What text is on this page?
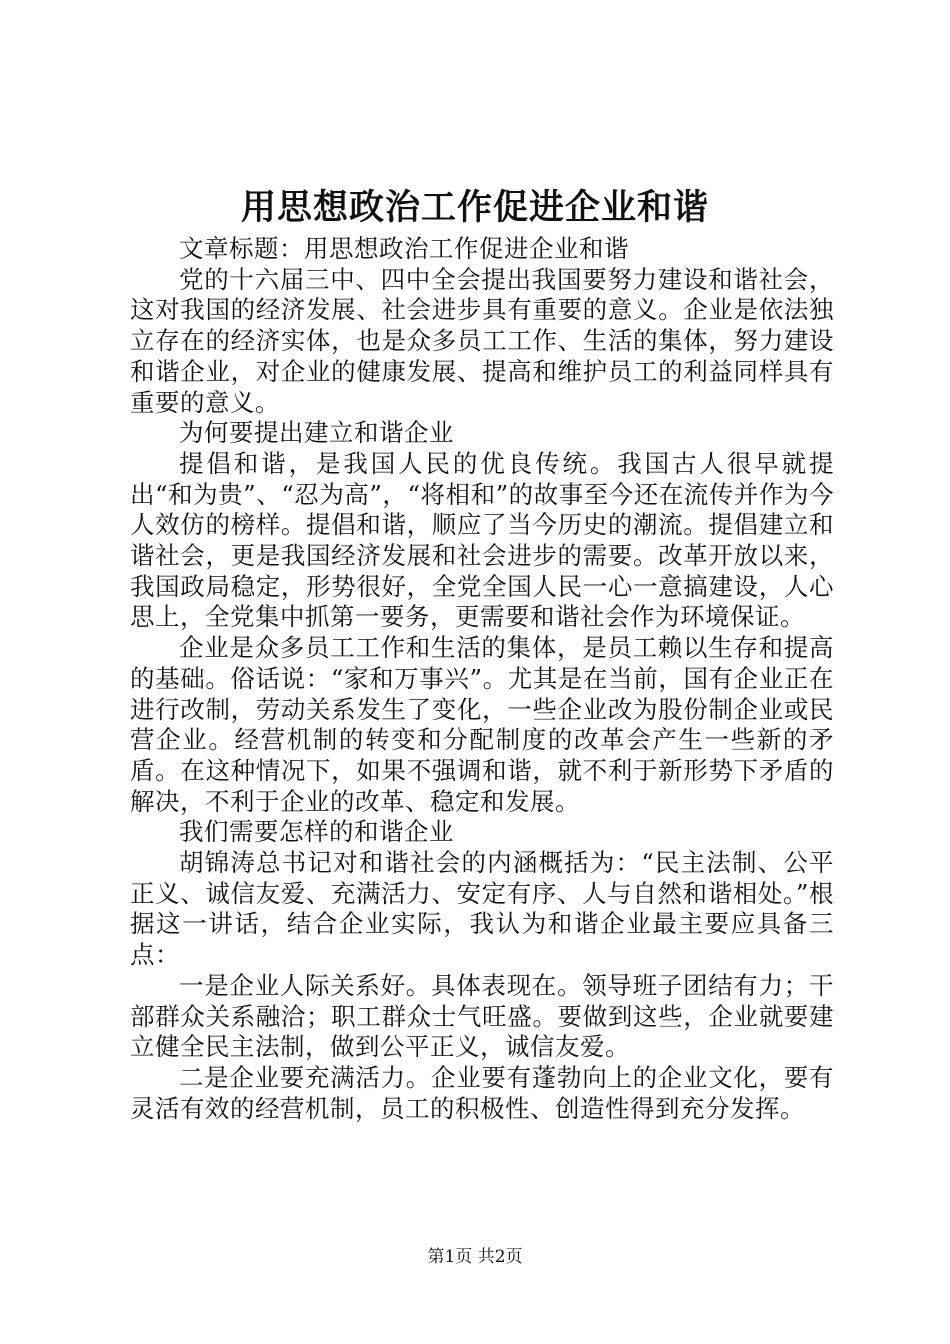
用思想政治工作促进企业和谐

文章标题：用思想政治工作促进企业和谐

党的十六届三中、四中全会提出我国要努力建设和谐社会，这对我国的经济发展、社会进步具有重要的意义。企业是依法独立存在的经济实体，也是众多员工工作、生活的集体，努力建设和谐企业，对企业的健康发展、提高和维护员工的利益同样具有重要的意义。

为何要提出建立和谐企业

提倡和谐，是我国人民的优良传统。我国古人很早就提出“和为贵”、“忍为高”，“将相和”的故事至今还在流传并作为今人效仿的榜样。提倡和谐，顺应了当今历史的潮流。提倡建立和谐社会，更是我国经济发展和社会进步的需要。改革开放以来，我国政局稳定，形势很好，全党全国人民一心一意搞建设，人心思上，全党集中抓第一要务，更需要和谐社会作为环境保证。

企业是众多员工工作和生活的集体，是员工赖以生存和提高的基础。俗话说：“家和万事兴”。尤其是在当前，国有企业正在进行改制，劳动关系发生了变化，一些企业改为股份制企业或民营企业。经营机制的转变和分配制度的改革会产生一些新的矛盾。在这种情况下，如果不强调和谐，就不利于新形势下矛盾的解决，不利于企业的改革、稳定和发展。

我们需要怎样的和谐企业

胡锦涛总书记对和谐社会的内涵概括为：“民主法制、公平正义、诚信友爱、充满活力、安定有序、人与自然和谐相处。”根据这一讲话，结合企业实际，我认为和谐企业最主要应具备三点：

一是企业人际关系好。具体表现在。领导班子团结有力；干部群众关系融洽；职工群众士气旺盛。要做到这些，企业就要建立健全民主法制，做到公平正义，诚信友爱。

二是企业要充满活力。企业要有蓬勃向上的企业文化，要有灵活有效的经营机制，员工的积极性、创造性得到充分发挥。

第1页 共2页
